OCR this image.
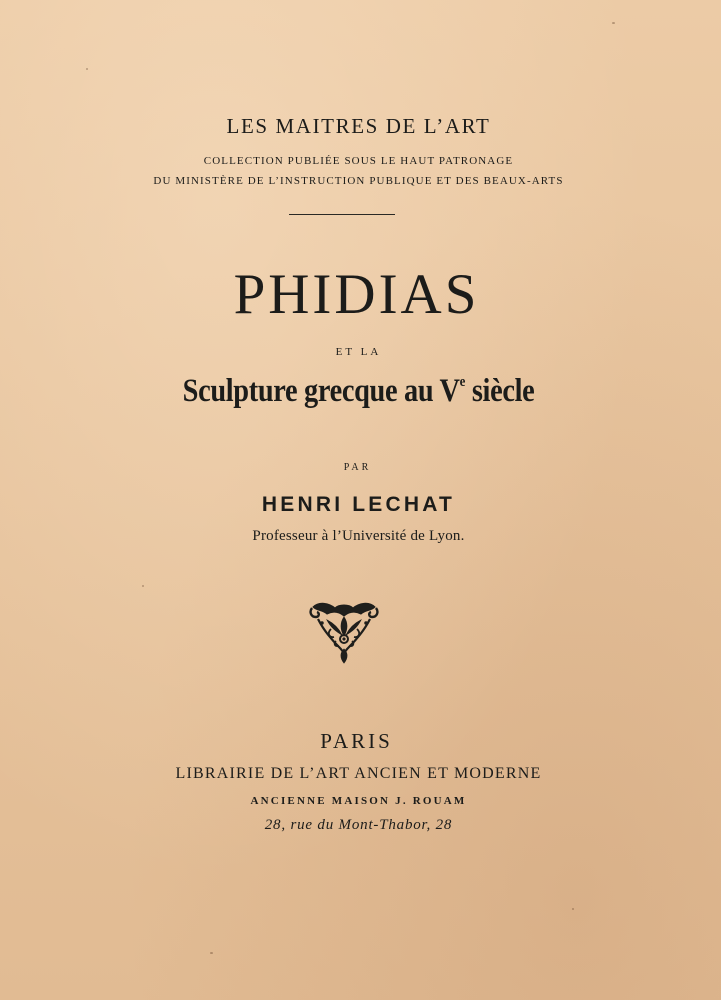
LES MAITRES DE L’ART
COLLECTION PUBLIÉE SOUS LE HAUT PATRONAGE
DU MINISTÈRE DE L’INSTRUCTION PUBLIQUE ET DES BEAUX-ARTS
PHIDIAS
ET LA
Sculpture grecque au Ve siècle
PAR
HENRI LECHAT
Professeur à l’Université de Lyon.
PARIS
LIBRAIRIE DE L’ART ANCIEN ET MODERNE
ANCIENNE MAISON J. ROUAM
28, rue du Mont-Thabor, 28
